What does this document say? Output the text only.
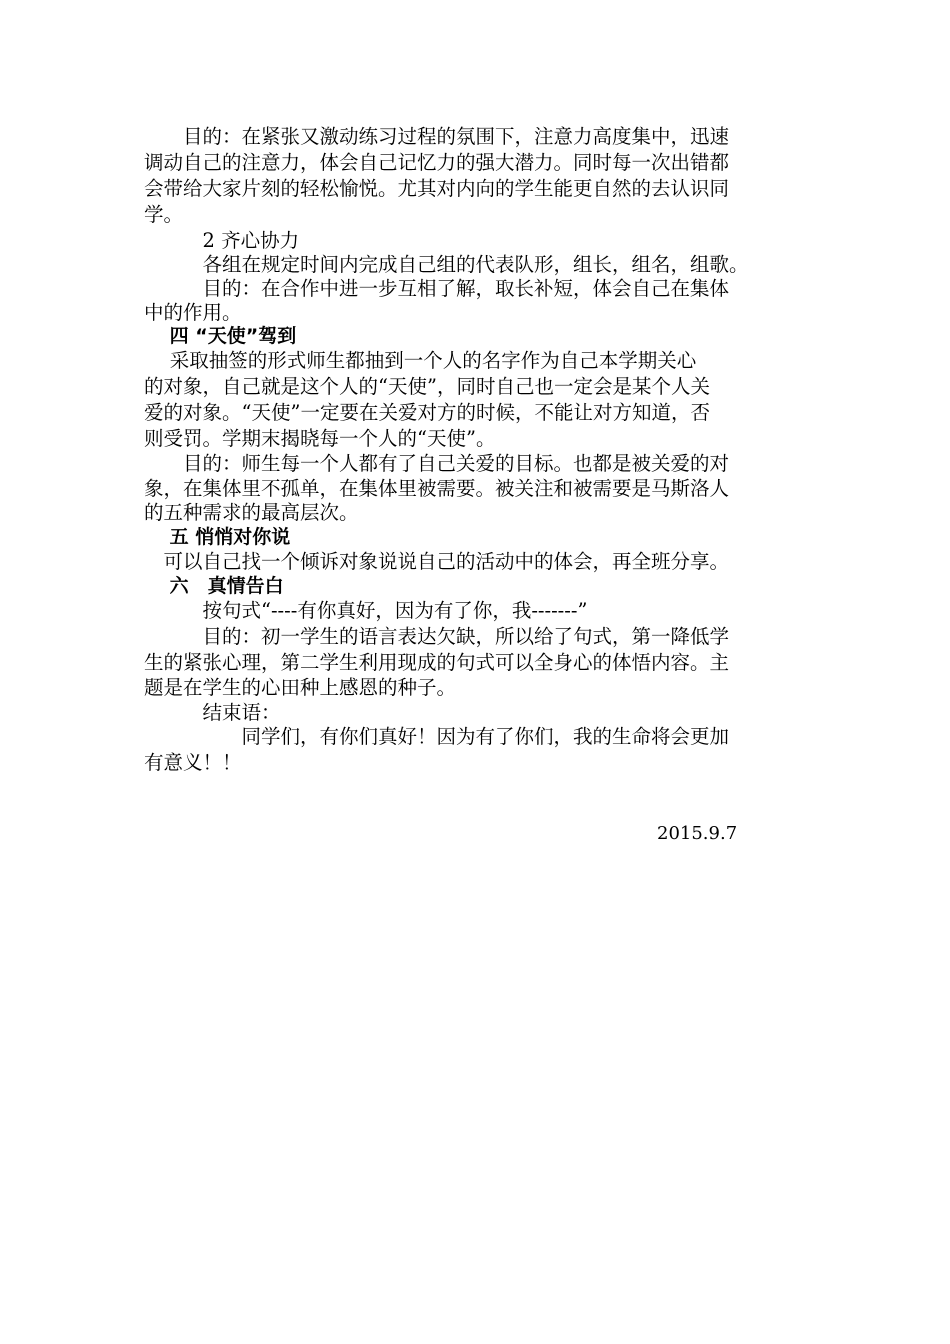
　　目的：在紧张又激动练习过程的氛围下，注意力高度集中，迅速
调动自己的注意力，体会自己记忆力的强大潜力。同时每一次出错都
会带给大家片刻的轻松愉悦。尤其对内向的学生能更自然的去认识同
学。
　　　2 齐心协力
　　　各组在规定时间内完成自己组的代表队形，组长，组名，组歌。
　　　目的：在合作中进一步互相了解，取长补短，体会自己在集体
中的作用。
　 四 “天使”驾到
　 采取抽签的形式师生都抽到一个人的名字作为自己本学期关心
的对象，自己就是这个人的“天使”，同时自己也一定会是某个人关
爱的对象。“天使”一定要在关爱对方的时候，不能让对方知道，否
则受罚。学期末揭晓每一个人的“天使”。
　　目的：师生每一个人都有了自己关爱的目标。也都是被关爱的对
象，在集体里不孤单，在集体里被需要。被关注和被需要是马斯洛人
的五种需求的最高层次。
　 五 悄悄对你说
　可以自己找一个倾诉对象说说自己的活动中的体会，再全班分享。
　 六　真情告白
　　　按句式“----有你真好，因为有了你，我-------”
　　　目的：初一学生的语言表达欠缺，所以给了句式，第一降低学
生的紧张心理，第二学生利用现成的句式可以全身心的体悟内容。主
题是在学生的心田种上感恩的种子。
　　　结束语：
　　　　　同学们，有你们真好！因为有了你们，我的生命将会更加
有意义！！
2015.9.7
